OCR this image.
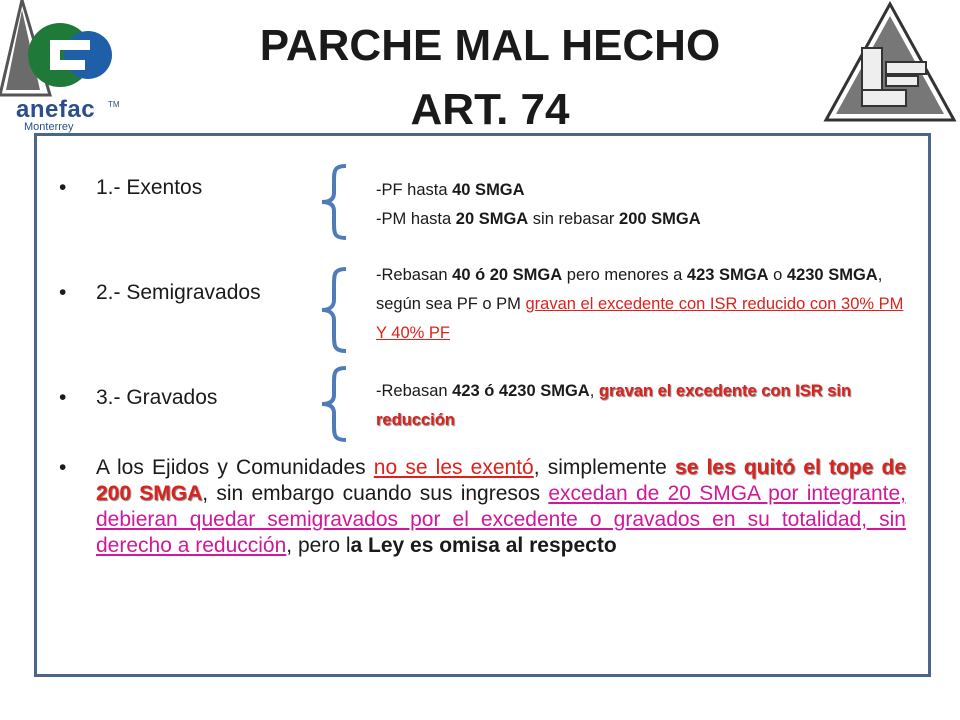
anefac TM
Monterrey
PARCHE MAL HECHO
ART. 74
• 1.- Exentos
• 2.- Semigravados
• 3.- Gravados
-PF hasta 40 SMGA
-PM hasta 20 SMGA sin rebasar 200 SMGA
-Rebasan 40 ó 20 SMGA pero menores a 423 SMGA o 4230 SMGA, según sea PF o PM gravan el excedente con ISR reducido con 30% PM Y 40% PF
-Rebasan 423 ó 4230 SMGA, gravan el excedente con ISR sin reducción
• A los Ejidos y Comunidades no se les exentó, simplemente se les quitó el tope de 200 SMGA, sin embargo cuando sus ingresos excedan de 20 SMGA por integrante, debieran quedar semigravados por el excedente o gravados en su totalidad, sin derecho a reducción, pero la Ley es omisa al respecto
